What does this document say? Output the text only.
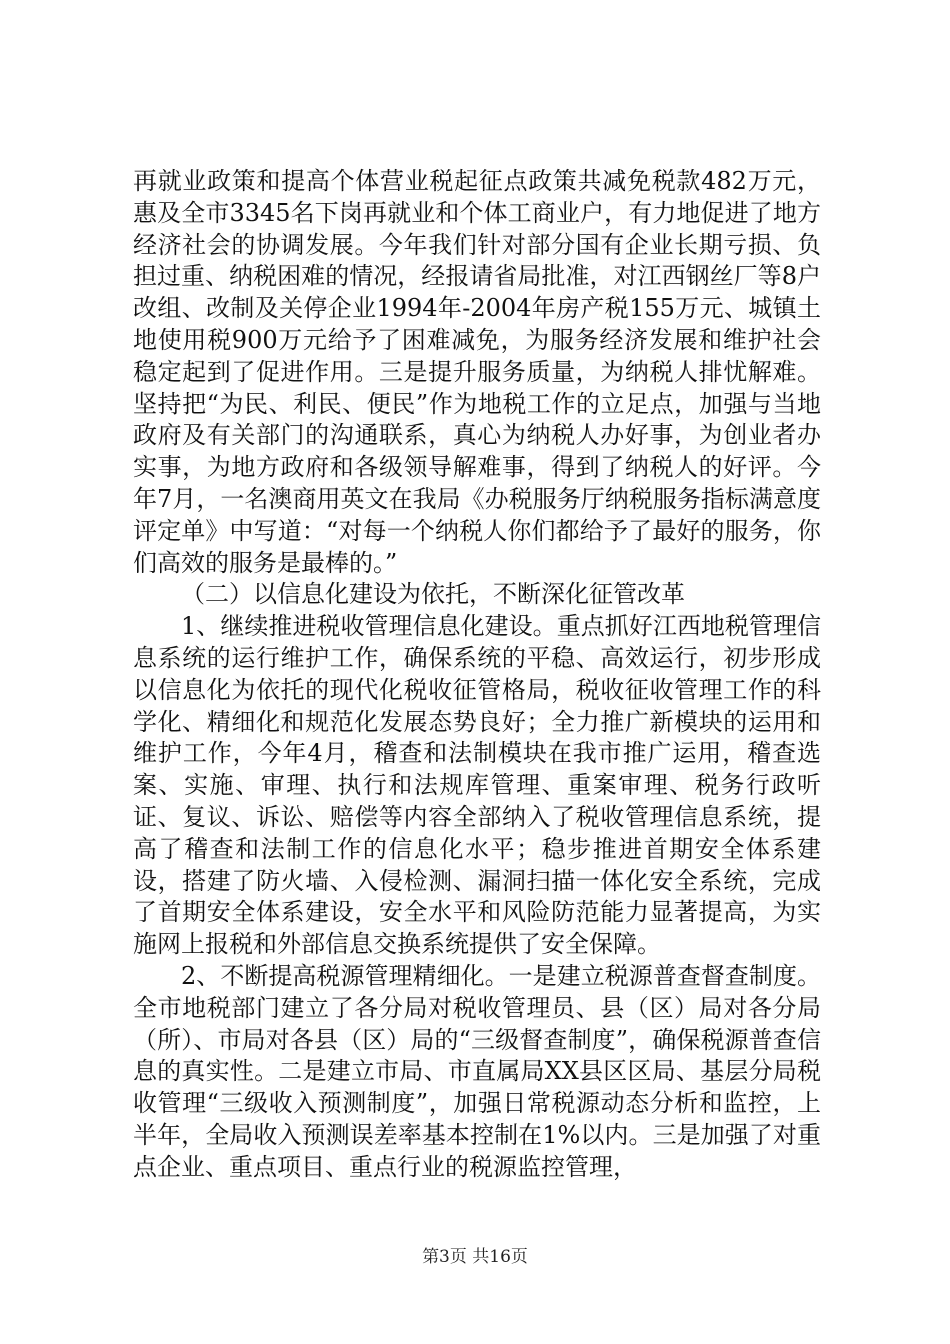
再就业政策和提高个体营业税起征点政策共减免税款482万元，惠及全市3345名下岗再就业和个体工商业户，有力地促进了地方经济社会的协调发展。今年我们针对部分国有企业长期亏损、负担过重、纳税困难的情况，经报请省局批准，对江西钢丝厂等8户改组、改制及关停企业1994年-2004年房产税155万元、城镇土地使用税900万元给予了困难减免，为服务经济发展和维护社会稳定起到了促进作用。三是提升服务质量，为纳税人排忧解难。坚持把“为民、利民、便民”作为地税工作的立足点，加强与当地政府及有关部门的沟通联系，真心为纳税人办好事，为创业者办实事，为地方政府和各级领导解难事，得到了纳税人的好评。今年7月，一名澳商用英文在我局《办税服务厅纳税服务指标满意度评定单》中写道：“对每一个纳税人你们都给予了最好的服务，你们高效的服务是最棒的。”

（二）以信息化建设为依托，不断深化征管改革

1、继续推进税收管理信息化建设。重点抓好江西地税管理信息系统的运行维护工作，确保系统的平稳、高效运行，初步形成以信息化为依托的现代化税收征管格局，税收征收管理工作的科学化、精细化和规范化发展态势良好；全力推广新模块的运用和维护工作，今年4月，稽查和法制模块在我市推广运用，稽查选案、实施、审理、执行和法规库管理、重案审理、税务行政听证、复议、诉讼、赔偿等内容全部纳入了税收管理信息系统，提高了稽查和法制工作的信息化水平；稳步推进首期安全体系建设，搭建了防火墙、入侵检测、漏洞扫描一体化安全系统，完成了首期安全体系建设，安全水平和风险防范能力显著提高，为实施网上报税和外部信息交换系统提供了安全保障。

2、不断提高税源管理精细化。一是建立税源普查督查制度。全市地税部门建立了各分局对税收管理员、县（区）局对各分局（所）、市局对各县（区）局的“三级督查制度”，确保税源普查信息的真实性。二是建立市局、市直属局XX县区区局、基层分局税收管理“三级收入预测制度”，加强日常税源动态分析和监控，上半年，全局收入预测误差率基本控制在1%以内。三是加强了对重点企业、重点项目、重点行业的税源监控管理，

第3页 共16页
